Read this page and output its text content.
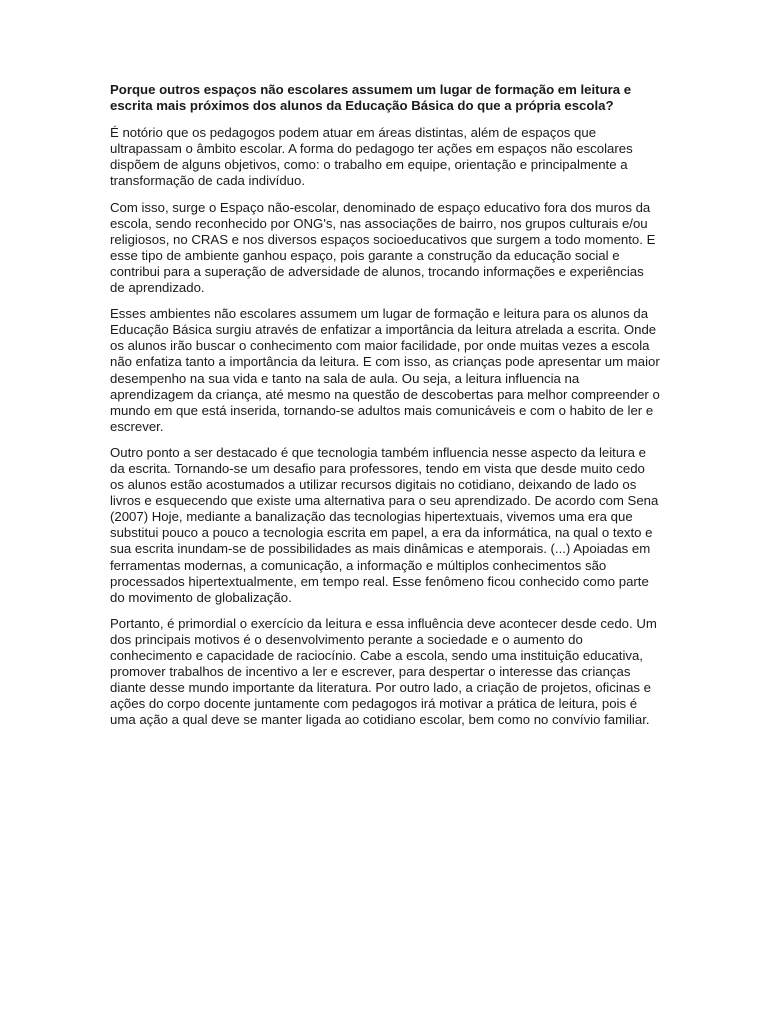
Porque outros espaços não escolares assumem um lugar de formação em leitura e escrita mais próximos dos alunos da Educação Básica do que a própria escola?

É notório que os pedagogos podem atuar em áreas distintas, além de espaços que ultrapassam o âmbito escolar. A forma do pedagogo ter ações em espaços não escolares dispõem de alguns objetivos, como: o trabalho em equipe, orientação e principalmente a transformação de cada indivíduo.

Com isso, surge o Espaço não-escolar, denominado de espaço educativo fora dos muros da escola, sendo reconhecido por ONG's, nas associações de bairro, nos grupos culturais e/ou religiosos, no CRAS e nos diversos espaços socioeducativos que surgem a todo momento. E esse tipo de ambiente ganhou espaço, pois garante a construção da educação social e contribui para a superação de adversidade de alunos, trocando informações e experiências de aprendizado.

Esses ambientes não escolares assumem um lugar de formação e leitura para os alunos da Educação Básica surgiu através de enfatizar a importância da leitura atrelada a escrita. Onde os alunos irão buscar o conhecimento com maior facilidade, por onde muitas vezes a escola não enfatiza tanto a importância da leitura. E com isso, as crianças pode apresentar um maior desempenho na sua vida e tanto na sala de aula. Ou seja, a leitura influencia na aprendizagem da criança, até mesmo na questão de descobertas para melhor compreender o mundo em que está inserida, tornando-se adultos mais comunicáveis e com o habito de ler e escrever.

Outro ponto a ser destacado é que tecnologia também influencia nesse aspecto da leitura e da escrita. Tornando-se um desafio para professores, tendo em vista que desde muito cedo os alunos estão acostumados a utilizar recursos digitais no cotidiano, deixando de lado os livros e esquecendo que existe uma alternativa para o seu aprendizado. De acordo com Sena (2007) Hoje, mediante a banalização das tecnologias hipertextuais, vivemos uma era que substitui pouco a pouco a tecnologia escrita em papel, a era da informática, na qual o texto e sua escrita inundam-se de possibilidades as mais dinâmicas e atemporais. (...) Apoiadas em ferramentas modernas, a comunicação, a informação e múltiplos conhecimentos são processados hipertextualmente, em tempo real. Esse fenômeno ficou conhecido como parte do movimento de globalização.

Portanto, é primordial o exercício da leitura e essa influência deve acontecer desde cedo. Um dos principais motivos é o desenvolvimento perante a sociedade e o aumento do conhecimento e capacidade de raciocínio. Cabe a escola, sendo uma instituição educativa, promover trabalhos de incentivo a ler e escrever, para despertar o interesse das crianças diante desse mundo importante da literatura. Por outro lado, a criação de projetos, oficinas e ações do corpo docente juntamente com pedagogos irá motivar a prática de leitura, pois é uma ação a qual deve se manter ligada ao cotidiano escolar, bem como no convívio familiar.
